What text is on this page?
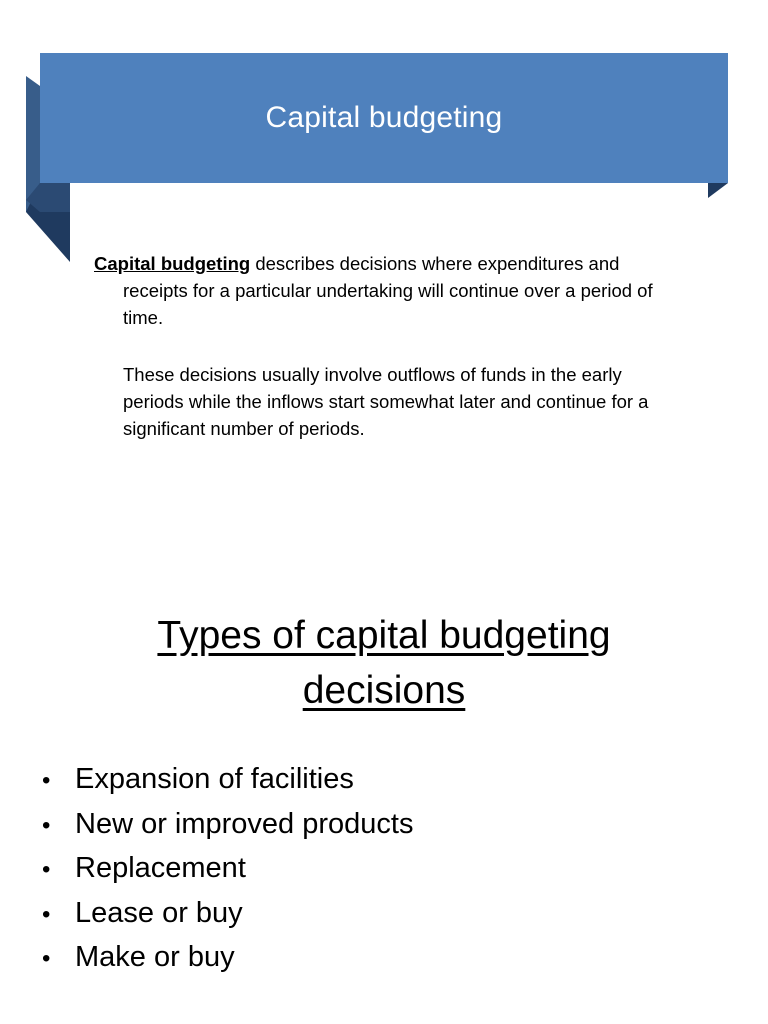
Capital budgeting

Capital budgeting describes decisions where expenditures and receipts for a particular undertaking will continue over a period of time.

These decisions usually involve outflows of funds in the early periods while the inflows start somewhat later and continue for a significant number of periods.

Types of capital budgeting
decisions
• Expansion of facilities
• New or improved products
• Replacement
• Lease or buy
• Make or buy
